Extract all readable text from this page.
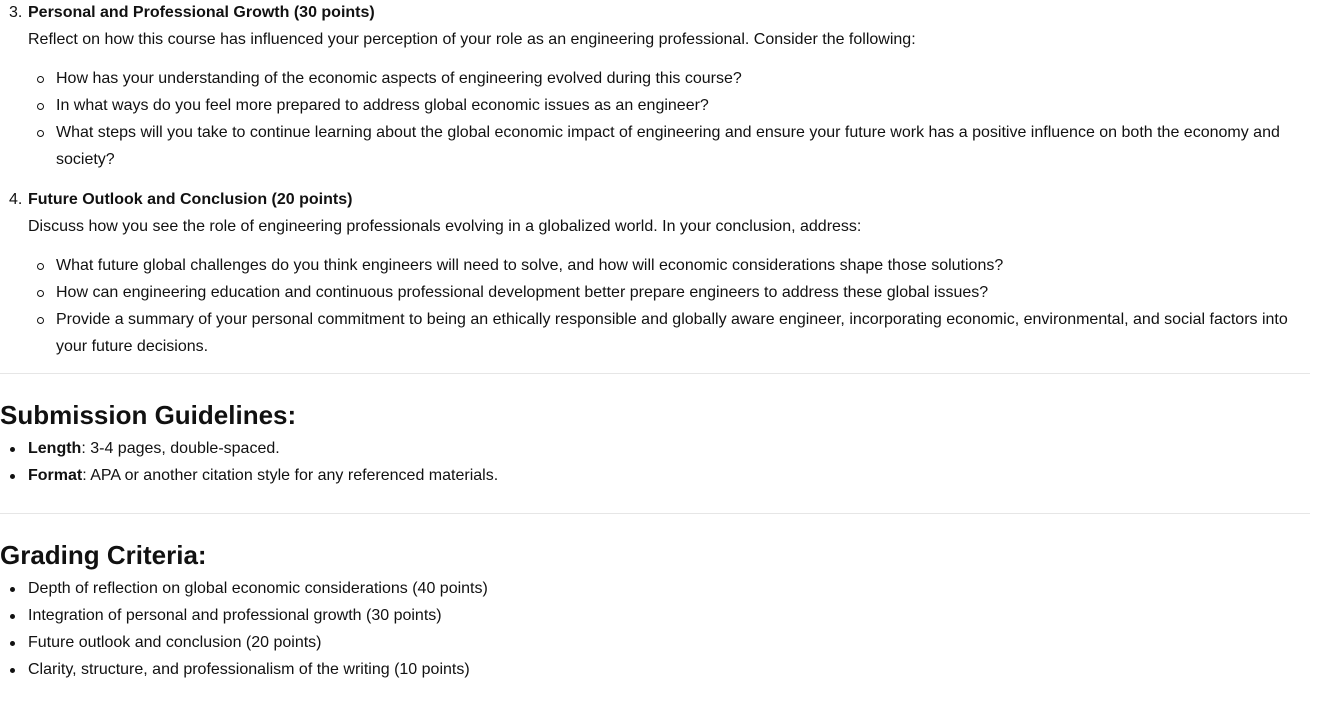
3. Personal and Professional Growth (30 points)
Reflect on how this course has influenced your perception of your role as an engineering professional. Consider the following:
How has your understanding of the economic aspects of engineering evolved during this course?
In what ways do you feel more prepared to address global economic issues as an engineer?
What steps will you take to continue learning about the global economic impact of engineering and ensure your future work has a positive influence on both the economy and society?
4. Future Outlook and Conclusion (20 points)
Discuss how you see the role of engineering professionals evolving in a globalized world. In your conclusion, address:
What future global challenges do you think engineers will need to solve, and how will economic considerations shape those solutions?
How can engineering education and continuous professional development better prepare engineers to address these global issues?
Provide a summary of your personal commitment to being an ethically responsible and globally aware engineer, incorporating economic, environmental, and social factors into your future decisions.
Submission Guidelines:
Length: 3-4 pages, double-spaced.
Format: APA or another citation style for any referenced materials.
Grading Criteria:
Depth of reflection on global economic considerations (40 points)
Integration of personal and professional growth (30 points)
Future outlook and conclusion (20 points)
Clarity, structure, and professionalism of the writing (10 points)
